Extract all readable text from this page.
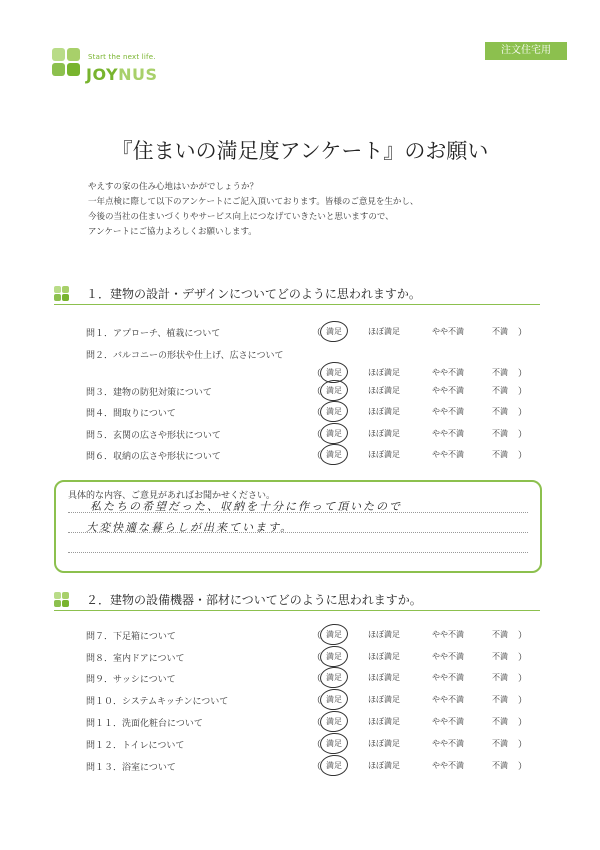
Start the next life.
JOYNUS
注文住宅用
『住まいの満足度アンケート』のお願い
やえすの家の住み心地はいかがでしょうか？
一年点検に際して以下のアンケートにご記入頂いております。皆様のご意見を生かし、
今後の当社の住まいづくりやサービス向上につなげていきたいと思いますので、
アンケートにご協力よろしくお願いします。
１．建物の設計・デザインについてどのように思われますか。
問１．アプローチ、植栽について	（ 満足	ほぼ満足	やや不満	不満 ）
問２．バルコニーの形状や仕上げ、広さについて
（ 満足	ほぼ満足	やや不満	不満 ）
問３．建物の防犯対策について	（ 満足	ほぼ満足	やや不満	不満 ）
問４．間取りについて	（ 満足	ほぼ満足	やや不満	不満 ）
問５．玄関の広さや形状について	（ 満足	ほぼ満足	やや不満	不満 ）
問６．収納の広さや形状について	（ 満足	ほぼ満足	やや不満	不満 ）
具体的な内容、ご意見があればお聞かせください。
私たちの希望だった、収納を十分に作って頂いたので
大変快適な暮らしが出来ています。
２．建物の設備機器・部材についてどのように思われますか。
問７．下足箱について	（ 満足	ほぼ満足	やや不満	不満 ）
問８．室内ドアについて	（ 満足	ほぼ満足	やや不満	不満 ）
問９．サッシについて	（ 満足	ほぼ満足	やや不満	不満 ）
問１０．システムキッチンについて	（ 満足	ほぼ満足	やや不満	不満 ）
問１１．洗面化粧台について	（ 満足	ほぼ満足	やや不満	不満 ）
問１２．トイレについて	（ 満足	ほぼ満足	やや不満	不満 ）
問１３．浴室について	（ 満足	ほぼ満足	やや不満	不満 ）
